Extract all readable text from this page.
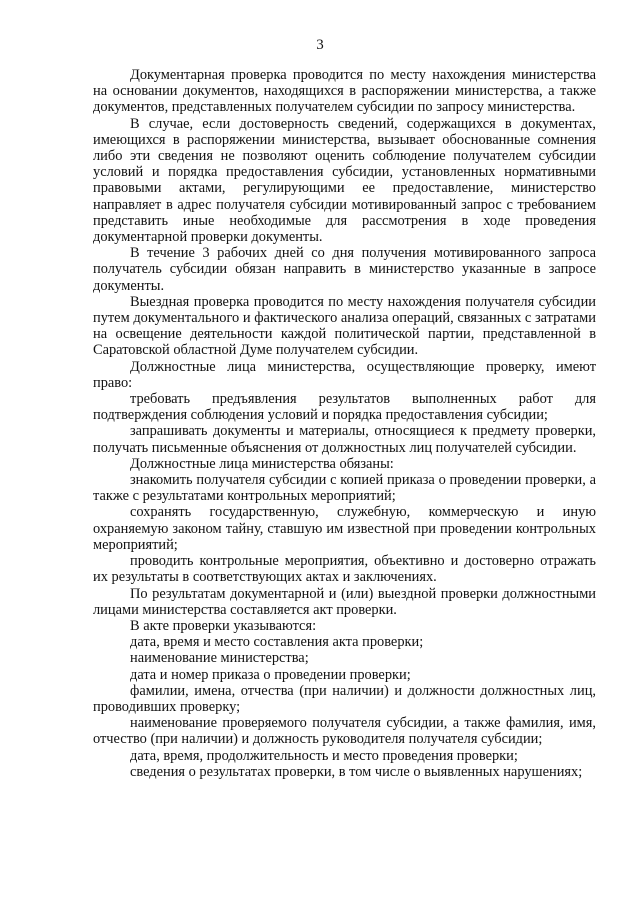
3

Документарная проверка проводится по месту нахождения министерства на основании документов, находящихся в распоряжении министерства, а также документов, представленных получателем субсидии по запросу министерства.

В случае, если достоверность сведений, содержащихся в документах, имеющихся в распоряжении министерства, вызывает обоснованные сомнения либо эти сведения не позволяют оценить соблюдение получателем субсидии условий и порядка предоставления субсидии, установленных нормативными правовыми актами, регулирующими ее предоставление, министерство направляет в адрес получателя субсидии мотивированный запрос с требованием представить иные необходимые для рассмотрения в ходе проведения документарной проверки документы.

В течение 3 рабочих дней со дня получения мотивированного запроса получатель субсидии обязан направить в министерство указанные в запросе документы.

Выездная проверка проводится по месту нахождения получателя субсидии путем документального и фактического анализа операций, связанных с затратами на освещение деятельности каждой политической партии, представленной в Саратовской областной Думе получателем субсидии.

Должностные лица министерства, осуществляющие проверку, имеют право:

требовать предъявления результатов выполненных работ для подтверждения соблюдения условий и порядка предоставления субсидии;

запрашивать документы и материалы, относящиеся к предмету проверки, получать письменные объяснения от должностных лиц получателей субсидии.

Должностные лица министерства обязаны:

знакомить получателя субсидии с копией приказа о проведении проверки, а также с результатами контрольных мероприятий;

сохранять государственную, служебную, коммерческую и иную охраняемую законом тайну, ставшую им известной при проведении контрольных мероприятий;

проводить контрольные мероприятия, объективно и достоверно отражать их результаты в соответствующих актах и заключениях.

По результатам документарной и (или) выездной проверки должностными лицами министерства составляется акт проверки.

В акте проверки указываются:

дата, время и место составления акта проверки;

наименование министерства;

дата и номер приказа о проведении проверки;

фамилии, имена, отчества (при наличии) и должности должностных лиц, проводивших проверку;

наименование проверяемого получателя субсидии, а также фамилия, имя, отчество (при наличии) и должность руководителя получателя субсидии;

дата, время, продолжительность и место проведения проверки;

сведения о результатах проверки, в том числе о выявленных нарушениях;
